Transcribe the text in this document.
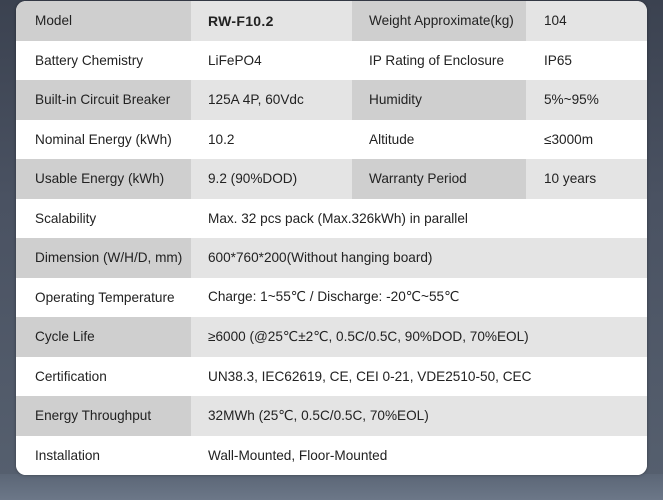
Model	RW-F10.2	Weight Approximate(kg)	104
Battery Chemistry	LiFePO4	IP Rating of Enclosure	IP65
Built-in Circuit Breaker	125A 4P, 60Vdc	Humidity	5%~95%
Nominal Energy (kWh)	10.2	Altitude	≤3000m
Usable Energy (kWh)	9.2 (90%DOD)	Warranty Period	10 years
Scalability	Max. 32 pcs pack (Max.326kWh) in parallel
Dimension (W/H/D, mm)	600*760*200(Without hanging board)
Operating Temperature	Charge: 1~55℃ / Discharge: -20℃~55℃
Cycle Life	≥6000 (@25℃±2℃, 0.5C/0.5C, 90%DOD, 70%EOL)
Certification	UN38.3, IEC62619, CE, CEI 0-21, VDE2510-50, CEC
Energy Throughput	32MWh (25℃, 0.5C/0.5C, 70%EOL)
Installation	Wall-Mounted, Floor-Mounted
